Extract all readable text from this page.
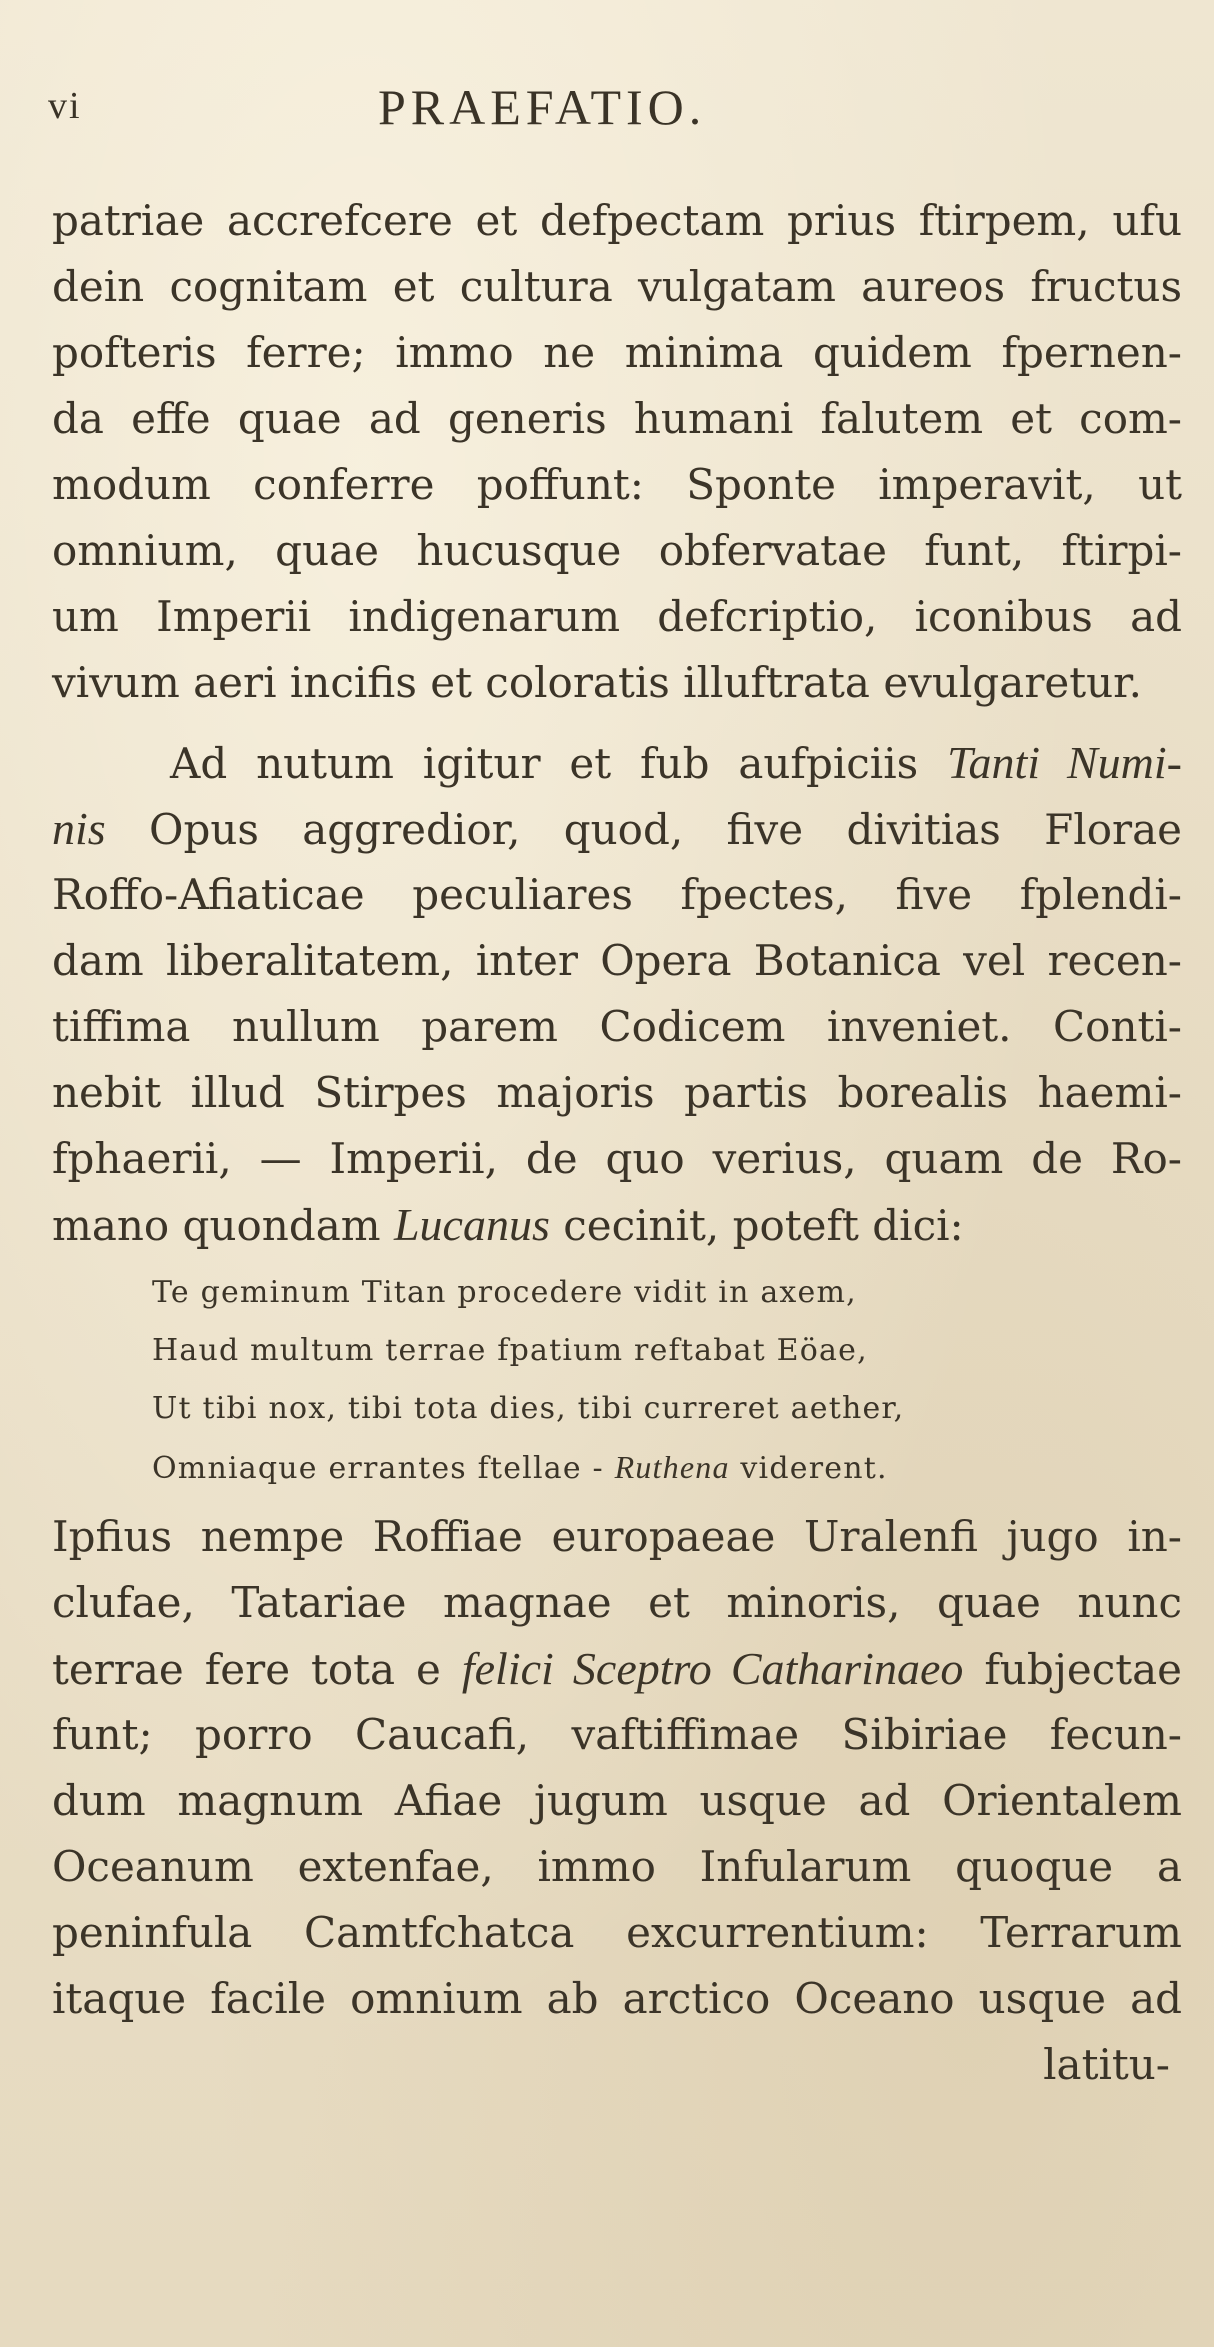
vi	PRAEFATIO.
patriae accrefcere et defpectam prius ftirpem, ufu
dein cognitam et cultura vulgatam aureos fructus
pofteris ferre; immo ne minima quidem fpernen-
da effe quae ad generis humani falutem et com-
modum conferre poffunt: Sponte imperavit, ut
omnium, quae hucusque obfervatae funt, ftirpi-
um Imperii indigenarum defcriptio, iconibus ad
vivum aeri incifis et coloratis illuftrata evulgaretur.
Ad nutum igitur et fub aufpiciis Tanti Numi-
nis Opus aggredior, quod, five divitias Florae
Roffo-Afiaticae peculiares fpectes, five fplendi-
dam liberalitatem, inter Opera Botanica vel recen-
tiffima nullum parem Codicem inveniet. Conti-
nebit illud Stirpes majoris partis borealis haemi-
fphaerii, — Imperii, de quo verius, quam de Ro-
mano quondam Lucanus cecinit, poteft dici:
Te geminum Titan procedere vidit in axem,
Haud multum terrae fpatium reftabat Eöae,
Ut tibi nox, tibi tota dies, tibi curreret aether,
Omniaque errantes ftellae - Ruthena viderent.
Ipfius nempe Roffiae europaeae Uralenfi jugo in-
clufae, Tatariae magnae et minoris, quae nunc
terrae fere tota e felici Sceptro Catharinaeo fubjectae
funt; porro Caucafi, vaftiffimae Sibiriae fecun-
dum magnum Afiae jugum usque ad Orientalem
Oceanum extenfae, immo Infularum quoque a
peninfula Camtfchatca excurrentium: Terrarum
itaque facile omnium ab arctico Oceano usque ad
latitu-
